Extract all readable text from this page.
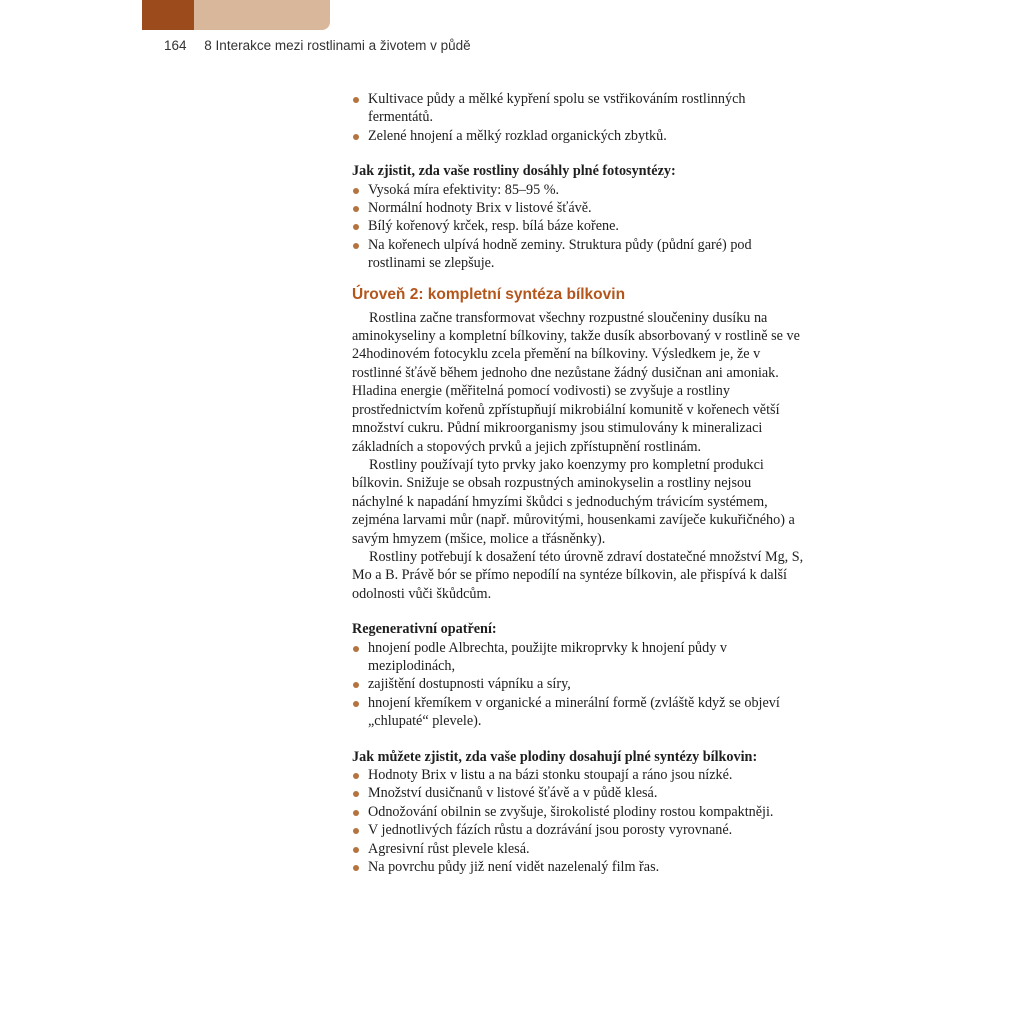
164 8 Interakce mezi rostlinami a životem v půdě
Kultivace půdy a mělké kypření spolu se vstřikováním rostlinných fermentátů.
Zelené hnojení a mělký rozklad organických zbytků.

Jak zjistit, zda vaše rostliny dosáhly plné fotosyntézy:

Vysoká míra efektivity: 85–95 %.
Normální hodnoty Brix v listové šťávě.
Bílý kořenový krček, resp. bílá báze kořene.
Na kořenech ulpívá hodně zeminy. Struktura půdy (půdní garé) pod rostlinami se zlepšuje.
Úroveň 2: kompletní syntéza bílkovin

Rostlina začne transformovat všechny rozpustné sloučeniny dusíku na aminokyseliny a kompletní bílkoviny, takže dusík absorbovaný v rostlině se ve 24hodinovém fotocyklu zcela přemění na bílkoviny. Výsledkem je, že v rostlinné šťávě během jednoho dne nezůstane žádný dusičnan ani amoniak. Hladina energie (měřitelná pomocí vodivosti) se zvyšuje a rostliny prostřednictvím kořenů zpřístupňují mikrobiální komunitě v kořenech větší množství cukru. Půdní mikroorganismy jsou stimulovány k mineralizaci základních a stopových prvků a jejich zpřístupnění rostlinám.

Rostliny používají tyto prvky jako koenzymy pro kompletní produkci bílkovin. Snižuje se obsah rozpustných aminokyselin a rostliny nejsou náchylné k napadání hmyzími škůdci s jednoduchým trávicím systémem, zejména larvami můr (např. můrovitými, housenkami zavíječe kukuřičného) a savým hmyzem (mšice, molice a třásněnky).

Rostliny potřebují k dosažení této úrovně zdraví dostatečné množství Mg, S, Mo a B. Právě bór se přímo nepodílí na syntéze bílkovin, ale přispívá k další odolnosti vůči škůdcům.

Regenerativní opatření:

hnojení podle Albrechta, použijte mikroprvky k hnojení půdy v meziplodinách,
zajištění dostupnosti vápníku a síry,
hnojení křemíkem v organické a minerální formě (zvláště když se objeví „chlupaté“ plevele).

Jak můžete zjistit, zda vaše plodiny dosahují plné syntézy bílkovin:

Hodnoty Brix v listu a na bázi stonku stoupají a ráno jsou nízké.
Množství dusičnanů v listové šťávě a v půdě klesá.
Odnožování obilnin se zvyšuje, širokolisté plodiny rostou kompaktněji.
V jednotlivých fázích růstu a dozrávání jsou porosty vyrovnané.
Agresivní růst plevele klesá.
Na povrchu půdy již není vidět nazelenalý film řas.
